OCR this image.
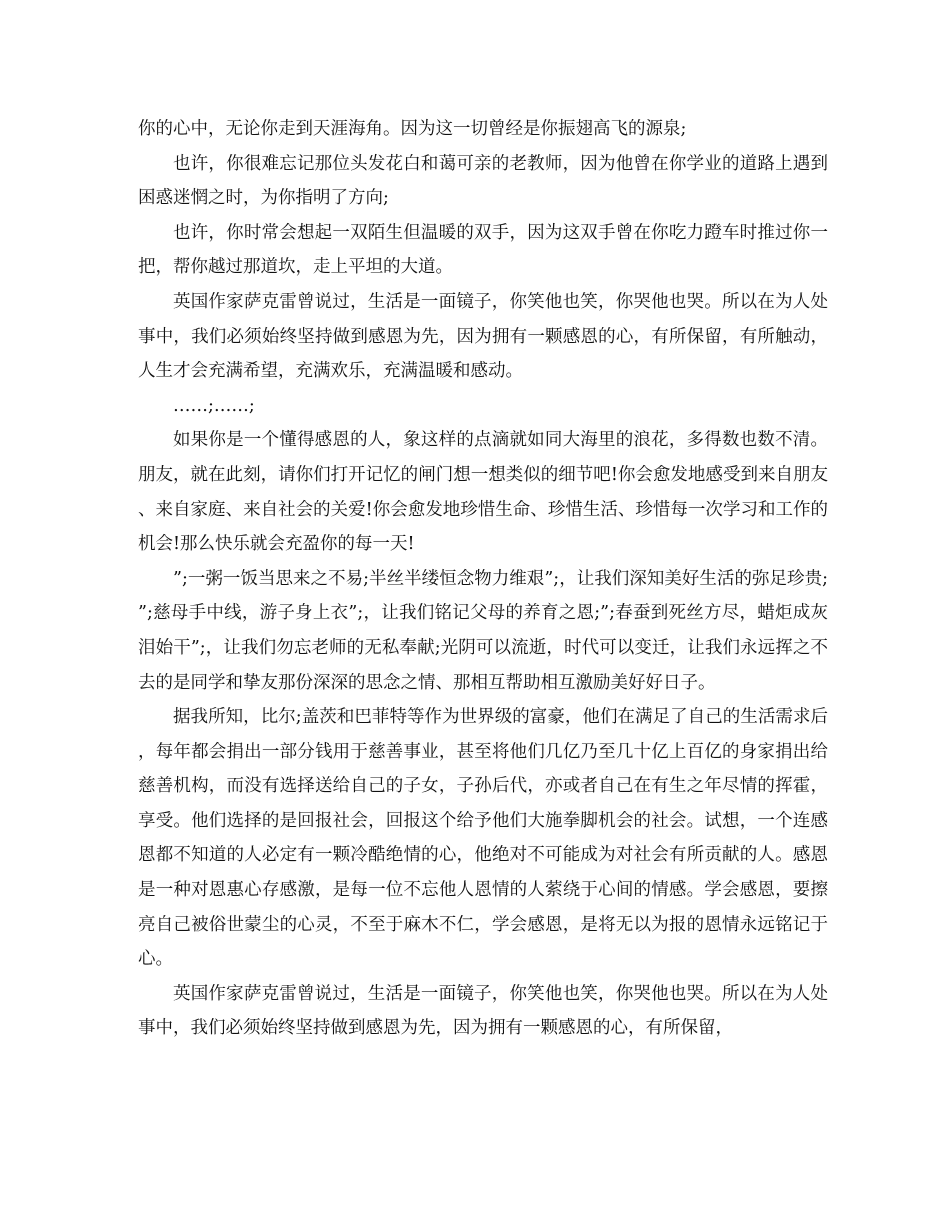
你的心中，无论你走到天涯海角。因为这一切曾经是你振翅高飞的源泉;

也许，你很难忘记那位头发花白和蔼可亲的老教师，因为他曾在你学业的道路上遇到困惑迷惘之时，为你指明了方向;

也许，你时常会想起一双陌生但温暖的双手，因为这双手曾在你吃力蹬车时推过你一把，帮你越过那道坎，走上平坦的大道。

英国作家萨克雷曾说过，生活是一面镜子，你笑他也笑，你哭他也哭。所以在为人处事中，我们必须始终坚持做到感恩为先，因为拥有一颗感恩的心，有所保留，有所触动，人生才会充满希望，充满欢乐，充满温暖和感动。

……;……;

如果你是一个懂得感恩的人，象这样的点滴就如同大海里的浪花，多得数也数不清。朋友，就在此刻，请你们打开记忆的闸门想一想类似的细节吧!你会愈发地感受到来自朋友、来自家庭、来自社会的关爱!你会愈发地珍惜生命、珍惜生活、珍惜每一次学习和工作的机会!那么快乐就会充盈你的每一天!

”;一粥一饭当思来之不易;半丝半缕恒念物力维艰”;，让我们深知美好生活的弥足珍贵;”;慈母手中线，游子身上衣”;，让我们铭记父母的养育之恩;”;春蚕到死丝方尽，蜡炬成灰泪始干”;，让我们勿忘老师的无私奉献;光阴可以流逝，时代可以变迁，让我们永远挥之不去的是同学和挚友那份深深的思念之情、那相互帮助相互激励美好好日子。

据我所知，比尔;盖茨和巴菲特等作为世界级的富豪，他们在满足了自己的生活需求后，每年都会捐出一部分钱用于慈善事业，甚至将他们几亿乃至几十亿上百亿的身家捐出给慈善机构，而没有选择送给自己的子女，子孙后代，亦或者自己在有生之年尽情的挥霍，享受。他们选择的是回报社会，回报这个给予他们大施拳脚机会的社会。试想，一个连感恩都不知道的人必定有一颗冷酷绝情的心，他绝对不可能成为对社会有所贡献的人。感恩是一种对恩惠心存感激，是每一位不忘他人恩情的人萦绕于心间的情感。学会感恩，要擦亮自己被俗世蒙尘的心灵，不至于麻木不仁，学会感恩，是将无以为报的恩情永远铭记于心。

英国作家萨克雷曾说过，生活是一面镜子，你笑他也笑，你哭他也哭。所以在为人处事中，我们必须始终坚持做到感恩为先，因为拥有一颗感恩的心，有所保留，
